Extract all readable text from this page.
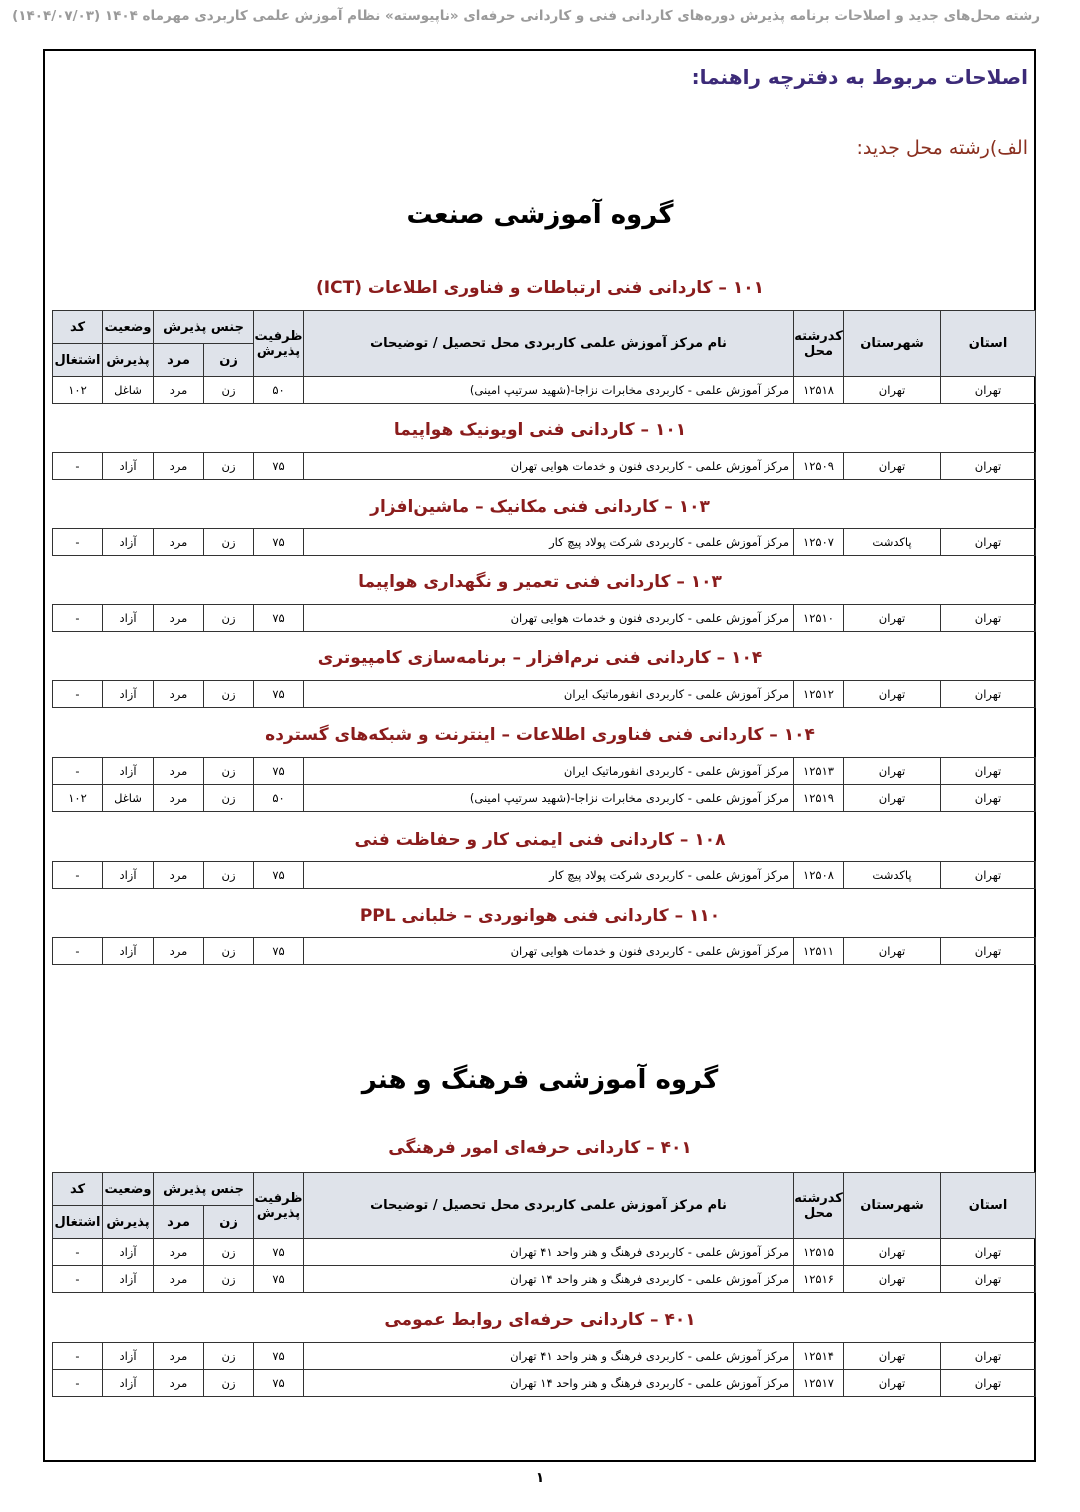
رشته محل‌های جدید و اصلاحات برنامه پذیرش دوره‌های کاردانی فنی و کاردانی حرفه‌ای «ناپیوسته» نظام آموزش علمی کاربردی مهرماه ۱۴۰۴ (۱۴۰۴/۰۷/۰۳)
اصلاحات مربوط به دفترچه راهنما:
الف)رشته محل جدید:
گروه آموزشی صنعت
۱۰۱ – کاردانی فنی ارتباطات و فناوری اطلاعات (ICT)
استان	شهرستان	کدرشته
محل	نام مرکز آموزش علمی کاربردی محل تحصیل / توضیحات	ظرفیت
پذیرش	جنس پذیرش		وضعیت	کد
					زن	مرد	پذیرش	اشتغال
تهران	تهران	۱۲۵۱۸	مرکز آموزش علمی - کاربردی مخابرات نزاجا-(شهید سرتیپ امینی)	۵۰	زن	مرد	شاغل	۱۰۲
۱۰۱ – کاردانی فنی اویونیک هواپیما
تهران	تهران	۱۲۵۰۹	مرکز آموزش علمی - کاربردی فنون و خدمات هوایی تهران	۷۵	زن	مرد	آزاد	-
۱۰۳ – کاردانی فنی مکانیک – ماشین‌افزار
تهران	پاکدشت	۱۲۵۰۷	مرکز آموزش علمی - کاربردی شرکت پولاد پیچ کار	۷۵	زن	مرد	آزاد	-
۱۰۳ – کاردانی فنی تعمیر و نگهداری هواپیما
تهران	تهران	۱۲۵۱۰	مرکز آموزش علمی - کاربردی فنون و خدمات هوایی تهران	۷۵	زن	مرد	آزاد	-
۱۰۴ – کاردانی فنی نرم‌افزار – برنامه‌سازی کامپیوتری
تهران	تهران	۱۲۵۱۲	مرکز آموزش علمی - کاربردی انفورماتیک ایران	۷۵	زن	مرد	آزاد	-
۱۰۴ – کاردانی فنی فناوری اطلاعات – اینترنت و شبکه‌های گسترده
تهران	تهران	۱۲۵۱۳	مرکز آموزش علمی - کاربردی انفورماتیک ایران	۷۵	زن	مرد	آزاد	-
تهران	تهران	۱۲۵۱۹	مرکز آموزش علمی - کاربردی مخابرات نزاجا-(شهید سرتیپ امینی)	۵۰	زن	مرد	شاغل	۱۰۲
۱۰۸ – کاردانی فنی ایمنی کار و حفاظت فنی
تهران	پاکدشت	۱۲۵۰۸	مرکز آموزش علمی - کاربردی شرکت پولاد پیچ کار	۷۵	زن	مرد	آزاد	-
۱۱۰ – کاردانی فنی هوانوردی – خلبانی PPL
تهران	تهران	۱۲۵۱۱	مرکز آموزش علمی - کاربردی فنون و خدمات هوایی تهران	۷۵	زن	مرد	آزاد	-
گروه آموزشی فرهنگ و هنر
۴۰۱ – کاردانی حرفه‌ای امور فرهنگی
استان	شهرستان	کدرشته
محل	نام مرکز آموزش علمی کاربردی محل تحصیل / توضیحات	ظرفیت
پذیرش	جنس پذیرش		وضعیت	کد
					زن	مرد	پذیرش	اشتغال
تهران	تهران	۱۲۵۱۵	مرکز آموزش علمی - کاربردی فرهنگ و هنر واحد ۴۱ تهران	۷۵	زن	مرد	آزاد	-
تهران	تهران	۱۲۵۱۶	مرکز آموزش علمی - کاربردی فرهنگ و هنر واحد ۱۴ تهران	۷۵	زن	مرد	آزاد	-
۴۰۱ – کاردانی حرفه‌ای روابط عمومی
تهران	تهران	۱۲۵۱۴	مرکز آموزش علمی - کاربردی فرهنگ و هنر واحد ۴۱ تهران	۷۵	زن	مرد	آزاد	-
تهران	تهران	۱۲۵۱۷	مرکز آموزش علمی - کاربردی فرهنگ و هنر واحد ۱۴ تهران	۷۵	زن	مرد	آزاد	-
۱
